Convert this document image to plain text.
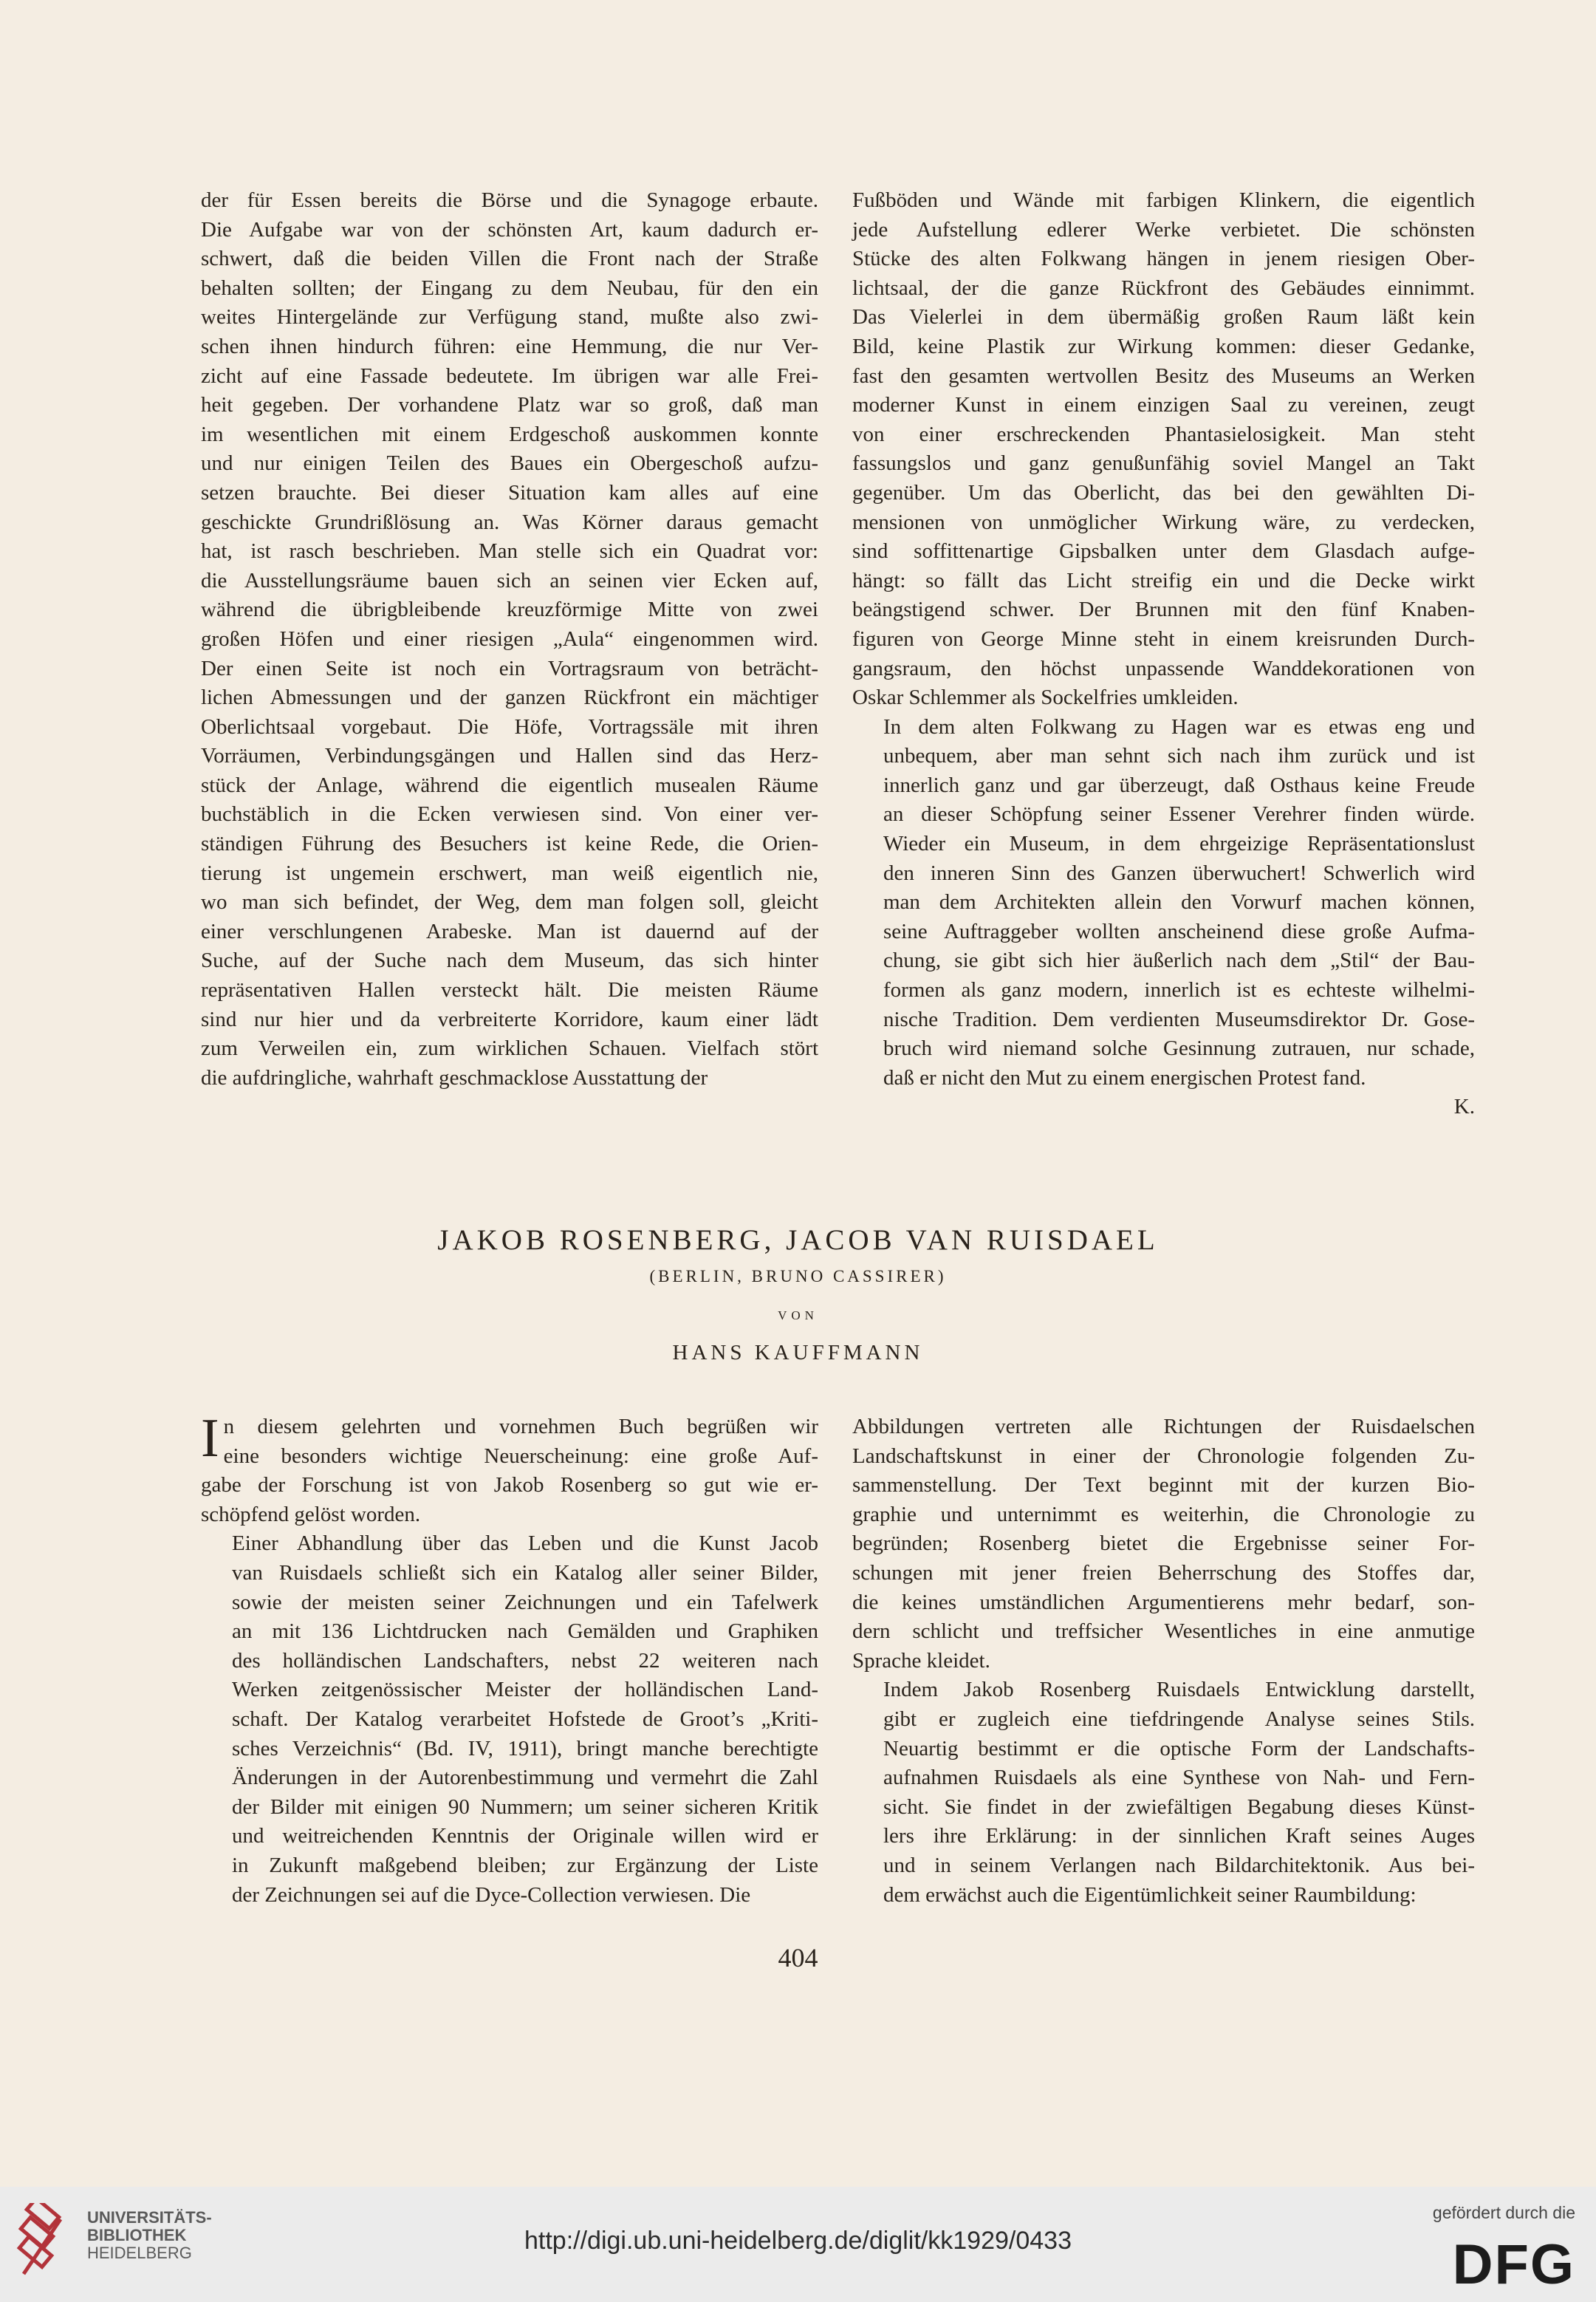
der für Essen bereits die Börse und die Synagoge erbaute.
Die Aufgabe war von der schönsten Art, kaum dadurch er-
schwert, daß die beiden Villen die Front nach der Straße
behalten sollten; der Eingang zu dem Neubau, für den ein
weites Hintergelände zur Verfügung stand, mußte also zwi-
schen ihnen hindurch führen: eine Hemmung, die nur Ver-
zicht auf eine Fassade bedeutete. Im übrigen war alle Frei-
heit gegeben. Der vorhandene Platz war so groß, daß man
im wesentlichen mit einem Erdgeschoß auskommen konnte
und nur einigen Teilen des Baues ein Obergeschoß aufzu-
setzen brauchte. Bei dieser Situation kam alles auf eine
geschickte Grundrißlösung an. Was Körner daraus gemacht
hat, ist rasch beschrieben. Man stelle sich ein Quadrat vor:
die Ausstellungsräume bauen sich an seinen vier Ecken auf,
während die übrigbleibende kreuzförmige Mitte von zwei
großen Höfen und einer riesigen „Aula“ eingenommen wird.
Der einen Seite ist noch ein Vortragsraum von beträcht-
lichen Abmessungen und der ganzen Rückfront ein mächtiger
Oberlichtsaal vorgebaut. Die Höfe, Vortragssäle mit ihren
Vorräumen, Verbindungsgängen und Hallen sind das Herz-
stück der Anlage, während die eigentlich musealen Räume
buchstäblich in die Ecken verwiesen sind. Von einer ver-
ständigen Führung des Besuchers ist keine Rede, die Orien-
tierung ist ungemein erschwert, man weiß eigentlich nie,
wo man sich befindet, der Weg, dem man folgen soll, gleicht
einer verschlungenen Arabeske. Man ist dauernd auf der
Suche, auf der Suche nach dem Museum, das sich hinter
repräsentativen Hallen versteckt hält. Die meisten Räume
sind nur hier und da verbreiterte Korridore, kaum einer lädt
zum Verweilen ein, zum wirklichen Schauen. Vielfach stört
die aufdringliche, wahrhaft geschmacklose Ausstattung der

Fußböden und Wände mit farbigen Klinkern, die eigentlich
jede Aufstellung edlerer Werke verbietet. Die schönsten
Stücke des alten Folkwang hängen in jenem riesigen Ober-
lichtsaal, der die ganze Rückfront des Gebäudes einnimmt.
Das Vielerlei in dem übermäßig großen Raum läßt kein
Bild, keine Plastik zur Wirkung kommen: dieser Gedanke,
fast den gesamten wertvollen Besitz des Museums an Werken
moderner Kunst in einem einzigen Saal zu vereinen, zeugt
von einer erschreckenden Phantasielosigkeit. Man steht
fassungslos und ganz genußunfähig soviel Mangel an Takt
gegenüber. Um das Oberlicht, das bei den gewählten Di-
mensionen von unmöglicher Wirkung wäre, zu verdecken,
sind soffittenartige Gipsbalken unter dem Glasdach aufge-
hängt: so fällt das Licht streifig ein und die Decke wirkt
beängstigend schwer. Der Brunnen mit den fünf Knaben-
figuren von George Minne steht in einem kreisrunden Durch-
gangsraum, den höchst unpassende Wanddekorationen von
Oskar Schlemmer als Sockelfries umkleiden.

In dem alten Folkwang zu Hagen war es etwas eng und
unbequem, aber man sehnt sich nach ihm zurück und ist
innerlich ganz und gar überzeugt, daß Osthaus keine Freude
an dieser Schöpfung seiner Essener Verehrer finden würde.
Wieder ein Museum, in dem ehrgeizige Repräsentationslust
den inneren Sinn des Ganzen überwuchert! Schwerlich wird
man dem Architekten allein den Vorwurf machen können,
seine Auftraggeber wollten anscheinend diese große Aufma-
chung, sie gibt sich hier äußerlich nach dem „Stil“ der Bau-
formen als ganz modern, innerlich ist es echteste wilhelmi-
nische Tradition. Dem verdienten Museumsdirektor Dr. Gose-
bruch wird niemand solche Gesinnung zutrauen, nur schade,
daß er nicht den Mut zu einem energischen Protest fand.

K.

JAKOB ROSENBERG, JACOB VAN RUISDAEL
(BERLIN, BRUNO CASSIRER)
VON
HANS KAUFFMANN

I n diesem gelehrten und vornehmen Buch begrüßen wir
eine besonders wichtige Neuerscheinung: eine große Auf-
gabe der Forschung ist von Jakob Rosenberg so gut wie er-
schöpfend gelöst worden.

Einer Abhandlung über das Leben und die Kunst Jacob
van Ruisdaels schließt sich ein Katalog aller seiner Bilder,
sowie der meisten seiner Zeichnungen und ein Tafelwerk
an mit 136 Lichtdrucken nach Gemälden und Graphiken
des holländischen Landschafters, nebst 22 weiteren nach
Werken zeitgenössischer Meister der holländischen Land-
schaft. Der Katalog verarbeitet Hofstede de Groot’s „Kriti-
sches Verzeichnis“ (Bd. IV, 1911), bringt manche berechtigte
Änderungen in der Autorenbestimmung und vermehrt die Zahl
der Bilder mit einigen 90 Nummern; um seiner sicheren Kritik
und weitreichenden Kenntnis der Originale willen wird er
in Zukunft maßgebend bleiben; zur Ergänzung der Liste
der Zeichnungen sei auf die Dyce-Collection verwiesen. Die

Abbildungen vertreten alle Richtungen der Ruisdaelschen
Landschaftskunst in einer der Chronologie folgenden Zu-
sammenstellung. Der Text beginnt mit der kurzen Bio-
graphie und unternimmt es weiterhin, die Chronologie zu
begründen; Rosenberg bietet die Ergebnisse seiner For-
schungen mit jener freien Beherrschung des Stoffes dar,
die keines umständlichen Argumentierens mehr bedarf, son-
dern schlicht und treffsicher Wesentliches in eine anmutige
Sprache kleidet.

Indem Jakob Rosenberg Ruisdaels Entwicklung darstellt,
gibt er zugleich eine tiefdringende Analyse seines Stils.
Neuartig bestimmt er die optische Form der Landschafts-
aufnahmen Ruisdaels als eine Synthese von Nah- und Fern-
sicht. Sie findet in der zwiefältigen Begabung dieses Künst-
lers ihre Erklärung: in der sinnlichen Kraft seines Auges
und in seinem Verlangen nach Bildarchitektonik. Aus bei-
dem erwächst auch die Eigentümlichkeit seiner Raumbildung:

404
UNIVERSITÄTS-
BIBLIOTHEK
HEIDELBERG	http://digi.ub.uni-heidelberg.de/diglit/kk1929/0433
gefördert durch die
DFG
